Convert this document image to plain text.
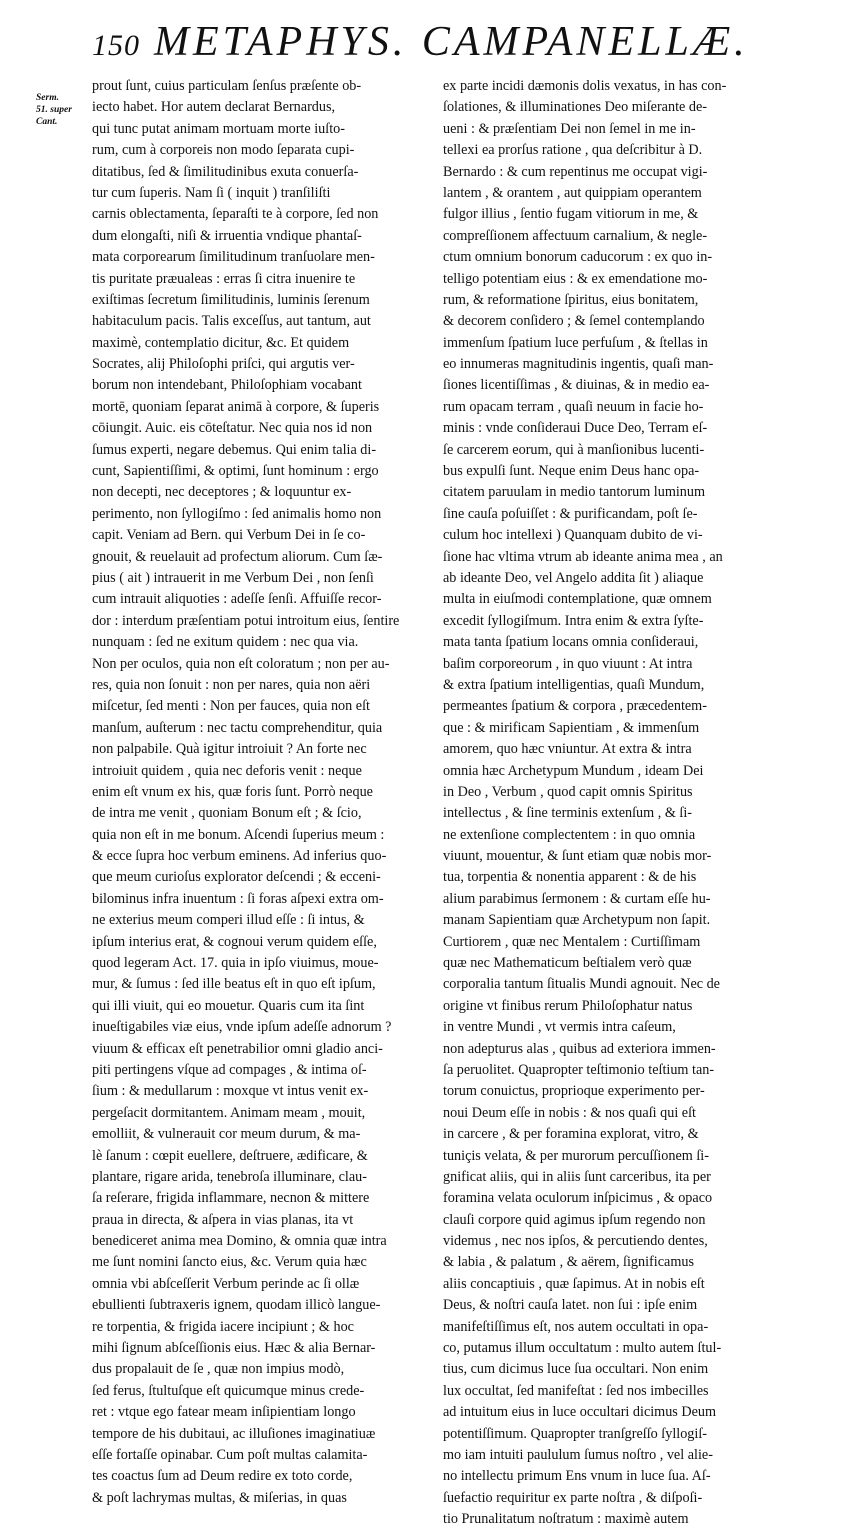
150 METAPHYS. CAMPANELLÆ.
Serm.
51. super
Cant.
prout ſunt, cuius particulam ſenſus præſente ob-
iecto habet. Hor autem declarat Bernardus,
qui tunc putat animam mortuam morte iuſto-
rum, cum à corporeis non modo ſeparata cupi-
ditatibus, ſed & ſimilitudinibus exuta conuerſa-
tur cum ſuperis. Nam ſi ( inquit ) tranſiliſti
carnis oblectamenta, ſeparaſti te à corpore, ſed non
dum elongaſti, niſi & irruentia vndique phantaſ-
mata corporearum ſimilitudinum tranſuolare men-
tis puritate præualeas : erras ſi citra inuenire te
exiſtimas ſecretum ſimilitudinis, luminis ſerenum
habitaculum pacis. Talis exceſſus, aut tantum, aut
maximè, contemplatio dicitur, &c. Et quidem
Socrates, alij Philoſophi priſci, qui argutis ver-
borum non intendebant, Philoſophiam vocabant
mortē, quoniam ſeparat animā à corpore, & ſuperis
cōiungit. Auic. eis cōteſtatur. Nec quia nos id non
ſumus experti, negare debemus. Qui enim talia di-
cunt, Sapientiſſimi, & optimi, ſunt hominum : ergo
non decepti, nec deceptores ; & loquuntur ex-
perimento, non ſyllogiſmo : ſed animalis homo non
capit. Veniam ad Bern. qui Verbum Dei in ſe co-
gnouit, & reuelauit ad profectum aliorum. Cum ſæ-
pius ( ait ) intrauerit in me Verbum Dei , non ſenſi
cum intrauit aliquoties : adeſſe ſenſi. Affuiſſe recor-
dor : interdum præſentiam potui introitum eius, ſentire
nunquam : ſed ne exitum quidem : nec qua via.
Non per oculos, quia non eſt coloratum ; non per au-
res, quia non ſonuit : non per nares, quia non aëri
miſcetur, ſed menti : Non per fauces, quia non eſt
manſum, auſterum : nec tactu comprehenditur, quia
non palpabile. Quà igitur introiuit ? An forte nec
introiuit quidem , quia nec deforis venit : neque
enim eſt vnum ex his, quæ foris ſunt. Porrò neque
de intra me venit , quoniam Bonum eſt ; & ſcio,
quia non eſt in me bonum. Aſcendi ſuperius meum :
& ecce ſupra hoc verbum eminens. Ad inferius quo-
que meum curioſus explorator deſcendi ; & ecceni-
bilominus infra inuentum : ſi foras aſpexi extra om-
ne exterius meum comperi illud eſſe : ſi intus, &
ipſum interius erat, & cognoui verum quidem eſſe,
quod legeram Act. 17. quia in ipſo viuimus, moue-
mur, & ſumus : ſed ille beatus eſt in quo eſt ipſum,
qui illi viuit, qui eo mouetur. Quaris cum ita ſint
inueſtigabiles viæ eius, vnde ipſum adeſſe adnorum ?
viuum & efficax eſt penetrabilior omni gladio anci-
piti pertingens vſque ad compages , & intima oſ-
ſium : & medullarum : moxque vt intus venit ex-
pergeſacit dormitantem. Animam meam , mouit,
emolliit, & vulnerauit cor meum durum, & ma-
lè ſanum : cœpit euellere, deſtruere, ædificare, &
plantare, rigare arida, tenebroſa illuminare, clau-
ſa reſerare, frigida inflammare, necnon & mittere
praua in directa, & aſpera in vias planas, ita vt
benediceret anima mea Domino, & omnia quæ intra
me ſunt nomini ſancto eius, &c. Verum quia hæc
omnia vbi abſceſſerit Verbum perinde ac ſi ollæ
ebullienti ſubtraxeris ignem, quodam illicò langue-
re torpentia, & frigida iacere incipiunt ; & hoc
mihi ſignum abſceſſionis eius. Hæc & alia Bernar-
dus propalauit de ſe , quæ non impius modò,
ſed ferus, ſtultuſque eſt quicumque minus crede-
ret : vtque ego fatear meam inſipientiam longo
tempore de his dubitaui, ac illuſiones imaginatiuæ
eſſe fortaſſe opinabar. Cum poſt multas calamita-
tes coactus ſum ad Deum redire ex toto corde,
& poſt lachrymas multas, & miſerias, in quas
ex parte incidi dæmonis dolis vexatus, in has con-
ſolationes, & illuminationes Deo miſerante de-
ueni : & præſentiam Dei non ſemel in me in-
tellexi ea prorſus ratione , qua deſcribitur à D.
Bernardo : & cum repentinus me occupat vigi-
lantem , & orantem , aut quippiam operantem
fulgor illius , ſentio fugam vitiorum in me, &
compreſſionem affectuum carnalium, & negle-
ctum omnium bonorum caducorum : ex quo in-
telligo potentiam eius : & ex emendatione mo-
rum, & reformatione ſpiritus, eius bonitatem,
& decorem conſidero ; & ſemel contemplando
immenſum ſpatium luce perfuſum , & ſtellas in
eo innumeras magnitudinis ingentis, quaſi man-
ſiones licentiſſimas , & diuinas, & in medio ea-
rum opacam terram , quaſi neuum in facie ho-
minis : vnde conſideraui Duce Deo, Terram eſ-
ſe carcerem eorum, qui à manſionibus lucenti-
bus expulſi ſunt. Neque enim Deus hanc opa-
citatem paruulam in medio tantorum luminum
ſine cauſa poſuiſſet : & purificandam, poſt ſe-
culum hoc intellexi ) Quanquam dubito de vi-
ſione hac vltima vtrum ab ideante anima mea , an
ab ideante Deo, vel Angelo addita ſit ) aliaque
multa in eiuſmodi contemplatione, quæ omnem
excedit ſyllogiſmum. Intra enim & extra ſyſte-
mata tanta ſpatium locans omnia conſideraui,
baſim corporeorum , in quo viuunt : At intra
& extra ſpatium intelligentias, quaſi Mundum,
permeantes ſpatium & corpora , præcedentem-
que : & mirificam Sapientiam , & immenſum
amorem, quo hæc vniuntur. At extra & intra
omnia hæc Archetypum Mundum , ideam Dei
in Deo , Verbum , quod capit omnis Spiritus
intellectus , & ſine terminis extenſum , & ſi-
ne extenſione complectentem : in quo omnia
viuunt, mouentur, & ſunt etiam quæ nobis mor-
tua, torpentia & nonentia apparent : & de his
alium parabimus ſermonem : & curtam eſſe hu-
manam Sapientiam quæ Archetypum non ſapit.
Curtiorem , quæ nec Mentalem : Curtiſſimam
quæ nec Mathematicum beſtialem verò quæ
corporalia tantum ſitualis Mundi agnouit. Nec de
origine vt finibus rerum Philoſophatur natus
in ventre Mundi , vt vermis intra caſeum,
non adepturus alas , quibus ad exteriora immen-
ſa peruolitet. Quapropter teſtimonio teſtium tan-
torum conuictus, proprioque experimento per-
noui Deum eſſe in nobis : & nos quaſi qui eſt
in carcere , & per foramina explorat, vitro, &
tuniçis velata, & per murorum percuſſionem ſi-
gnificat aliis, qui in aliis ſunt carceribus, ita per
foramina velata oculorum inſpicimus , & opaco
clauſi corpore quid agimus ipſum regendo non
videmus , nec nos ipſos, & percutiendo dentes,
& labia , & palatum , & aërem, ſignificamus
aliis concaptiuis , quæ ſapimus. At in nobis eſt
Deus, & noſtri cauſa latet. non ſui : ipſe enim
manifeſtiſſimus eſt, nos autem occultati in opa-
co, putamus illum occultatum : multo autem ſtul-
tius, cum dicimus luce ſua occultari. Non enim
lux occultat, ſed manifeſtat : ſed nos imbecilles
ad intuitum eius in luce occultari dicimus Deum
potentiſſimum. Quapropter tranſgreſſo ſyllogiſ-
mo iam intuiti paululum ſumus noſtro , vel alie-
no intellectu primum Ens vnum in luce ſua. Aſ-
ſuefactio requiritur ex parte noſtra , & diſpoſi-
tio Prunalitatum noſtratum : maximè autem
